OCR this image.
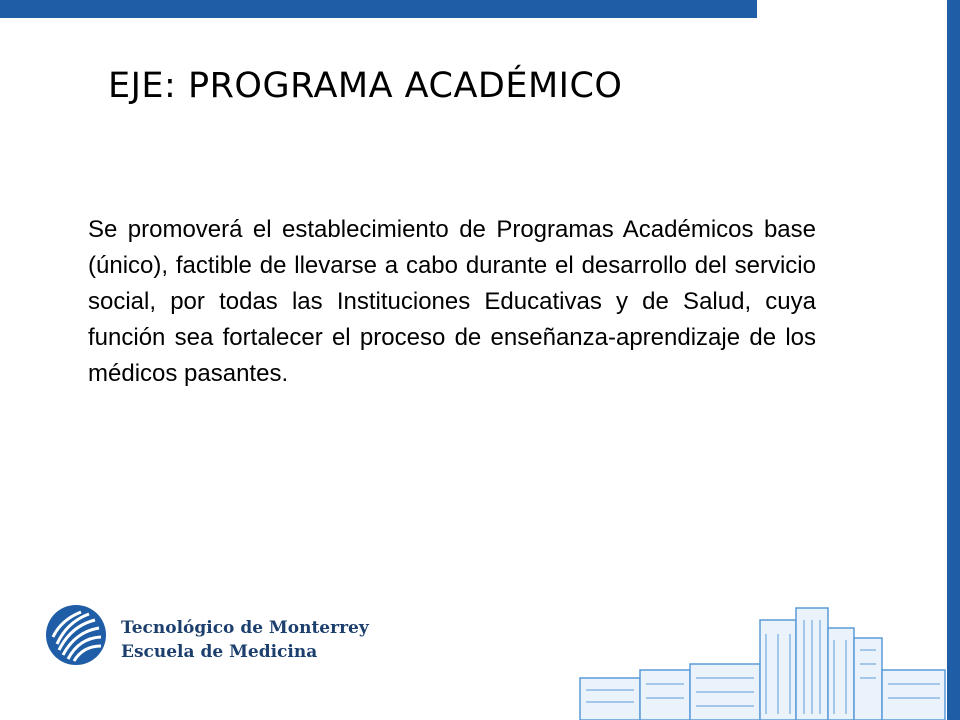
EJE: PROGRAMA ACADÉMICO

Se promoverá el establecimiento de Programas Académicos base (único), factible de llevarse a cabo durante el desarrollo del servicio social, por todas las Instituciones Educativas y de Salud, cuya función sea fortalecer el proceso de enseñanza-aprendizaje de los médicos pasantes.

Tecnológico de Monterrey
Escuela de Medicina
